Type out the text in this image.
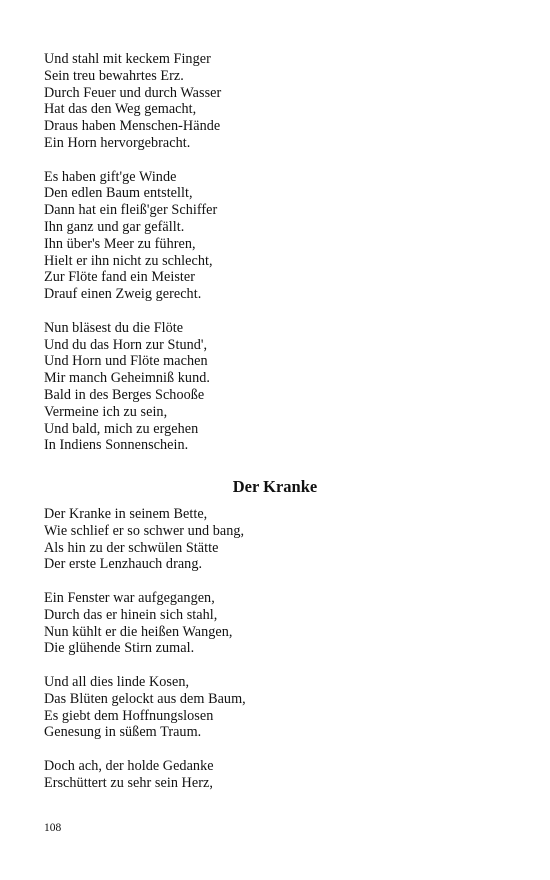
Und stahl mit keckem Finger
Sein treu bewahrtes Erz.
Durch Feuer und durch Wasser
Hat das den Weg gemacht,
Draus haben Menschen-Hände
Ein Horn hervorgebracht.
Es haben gift'ge Winde
Den edlen Baum entstellt,
Dann hat ein fleiß'ger Schiffer
Ihn ganz und gar gefällt.
Ihn über's Meer zu führen,
Hielt er ihn nicht zu schlecht,
Zur Flöte fand ein Meister
Drauf einen Zweig gerecht.
Nun bläsest du die Flöte
Und du das Horn zur Stund',
Und Horn und Flöte machen
Mir manch Geheimniß kund.
Bald in des Berges Schooße
Vermeine ich zu sein,
Und bald, mich zu ergehen
In Indiens Sonnenschein.
Der Kranke
Der Kranke in seinem Bette,
Wie schlief er so schwer und bang,
Als hin zu der schwülen Stätte
Der erste Lenzhauch drang.
Ein Fenster war aufgegangen,
Durch das er hinein sich stahl,
Nun kühlt er die heißen Wangen,
Die glühende Stirn zumal.
Und all dies linde Kosen,
Das Blüten gelockt aus dem Baum,
Es giebt dem Hoffnungslosen
Genesung in süßem Traum.
Doch ach, der holde Gedanke
Erschüttert zu sehr sein Herz,
108
